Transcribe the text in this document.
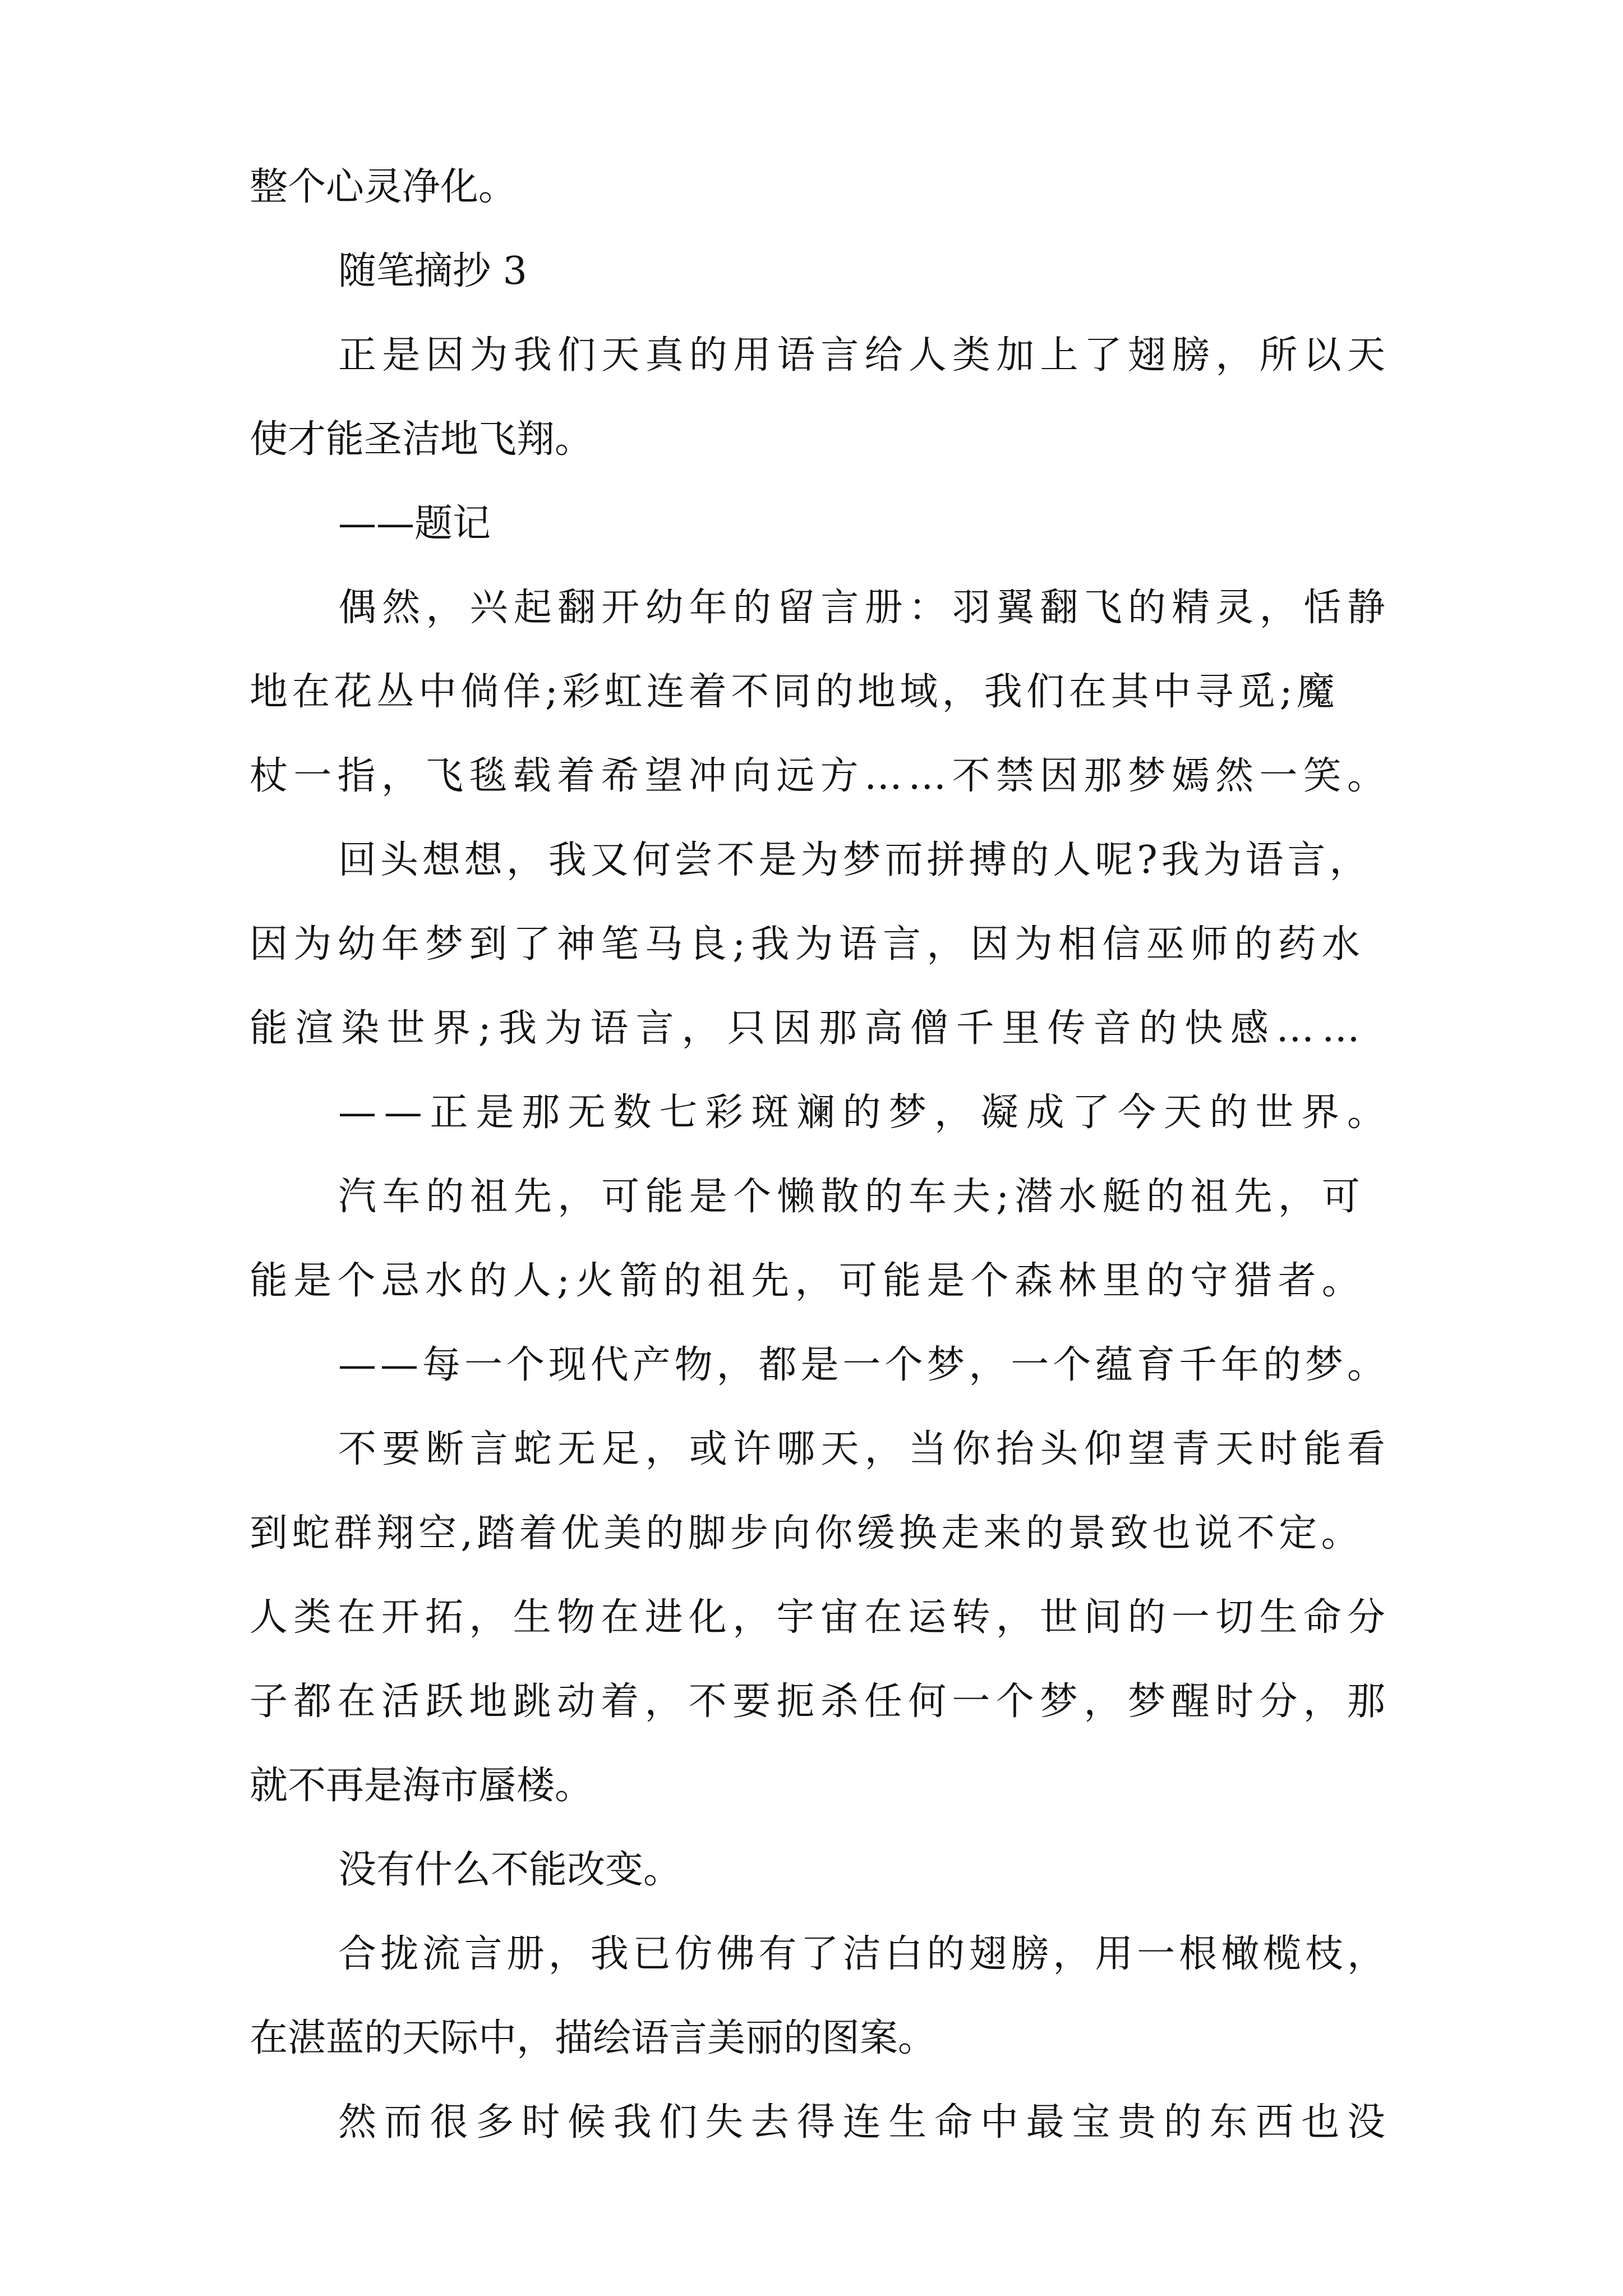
整个心灵净化。
随笔摘抄 3
正是因为我们天真的用语言给人类加上了翅膀，所以天
使才能圣洁地飞翔。
——题记
偶然，兴起翻开幼年的留言册：羽翼翻飞的精灵，恬静
地在花丛中倘佯;彩虹连着不同的地域，我们在其中寻觅;魔
杖一指，飞毯载着希望冲向远方……不禁因那梦嫣然一笑。
回头想想，我又何尝不是为梦而拼搏的人呢?我为语言，
因为幼年梦到了神笔马良;我为语言，因为相信巫师的药水
能渲染世界;我为语言，只因那高僧千里传音的快感……
——正是那无数七彩斑斓的梦，凝成了今天的世界。
汽车的祖先，可能是个懒散的车夫;潜水艇的祖先，可
能是个忌水的人;火箭的祖先，可能是个森林里的守猎者。
——每一个现代产物，都是一个梦，一个蕴育千年的梦。
不要断言蛇无足，或许哪天，当你抬头仰望青天时能看
到蛇群翔空,踏着优美的脚步向你缓换走来的景致也说不定。
人类在开拓，生物在进化，宇宙在运转，世间的一切生命分
子都在活跃地跳动着，不要扼杀任何一个梦，梦醒时分，那
就不再是海市蜃楼。
没有什么不能改变。
合拢流言册，我已仿佛有了洁白的翅膀，用一根橄榄枝，
在湛蓝的天际中，描绘语言美丽的图案。
然而很多时候我们失去得连生命中最宝贵的东西也没
